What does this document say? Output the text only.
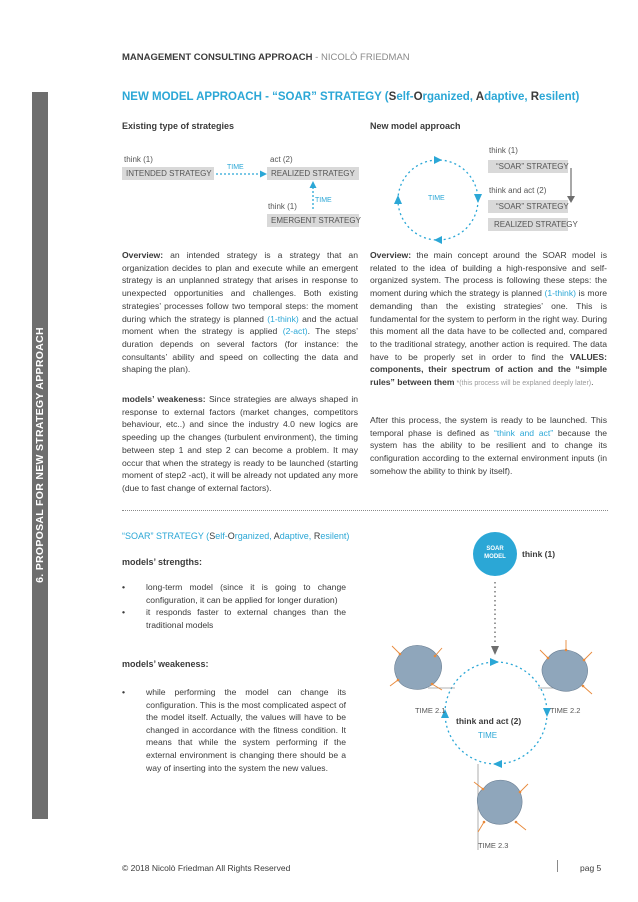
6. PROPOSAL FOR NEW STRATEGY APPROACH
MANAGEMENT CONSULTING APPROACH - NICOLÒ FRIEDMAN
NEW MODEL APPROACH - “SOAR” STRATEGY (Self-Organized, Adaptive, Resilent)
Existing type of strategies
think (1)
INTENDED STRATEGY
TIME
act (2)
REALIZED STRATEGY
TIME
think (1)
EMERGENT STRATEGY
Overview: an intended strategy is a strategy that an organization decides to plan and execute while an emergent strategy is an unplanned strategy that arises in response to unexpected opportunities and challenges. Both existing strategies’ processes follow two temporal steps: the moment during which the strategy is planned (1-think) and the actual moment when the strategy is applied (2-act). The steps’ duration depends on several factors (for instance: the consultants’ ability and speed on collecting the data and shaping the plan).
models’ weakeness: Since strategies are always shaped in response to external factors (market changes, competitors behaviour, etc..) and since the industry 4.0 new logics are speeding up the changes (turbulent environment), the timing between step 1 and step 2 can become a problem. It may occur that when the strategy is ready to be launched (starting moment of step2 -act), it will be already not updated any more (due to fast change of external factors).
New model approach
TIME
think (1)
“SOAR” STRATEGY
think and act (2)
“SOAR” STRATEGY
REALIZED STRATEGY
Overview: the main concept around the SOAR model is related to the idea of building a high-responsive and self-organized system. The process is following these steps: the moment during which the strategy is planned (1-think) is more demanding than the existing strategies’ one. This is fundamental for the system to perform in the right way. During this moment all the data have to be collected and, compared to the traditional strategy, another action is required. The data have to be properly set in order to find the VALUES: components, their spectrum of action and the “simple rules” between them *(this process will be explaned deeply later).
After this process, the system is ready to be launched. This temporal phase is defined as “think and act” because the system has the ability to be resilient and to change its configuration according to the external environment inputs (in somehow the ability to think by itself).
“SOAR” STRATEGY (Self-Organized, Adaptive, Resilent)
models’ strengths:
• long-term model (since it is going to change configuration, it can be applied for longer duration)
• it responds faster to external changes than the traditional models
models’ weakeness:
• while performing the model can change its configuration. This is the most complicated aspect of the model itself. Actually, the values will have to be changed in accordance with the fitness condition. It means that while the system performing if the external environment is changing there should be a way of inserting into the system the new values.
SOAR
MODEL	think (1)
think and act (2)
TIME
TIME 2.1	TIME 2.2
TIME 2.3
© 2018 Nicolò Friedman All Rights Reserved	pag 5
